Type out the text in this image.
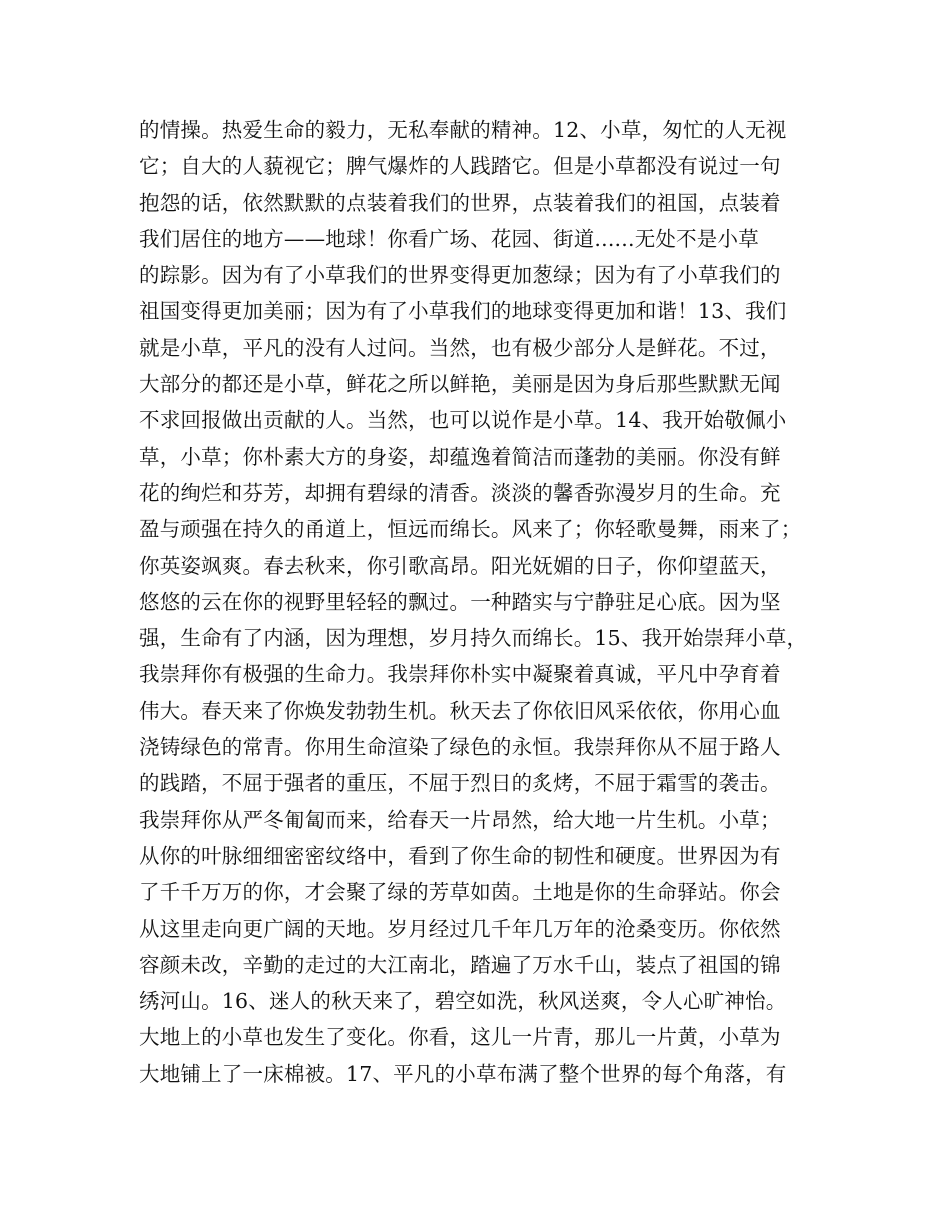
的情操。热爱生命的毅力，无私奉献的精神。12、小草，匆忙的人无视
它；自大的人藐视它；脾气爆炸的人践踏它。但是小草都没有说过一句
抱怨的话，依然默默的点装着我们的世界，点装着我们的祖国，点装着
我们居住的地方——地球！你看广场、花园、街道......无处不是小草
的踪影。因为有了小草我们的世界变得更加葱绿；因为有了小草我们的
祖国变得更加美丽；因为有了小草我们的地球变得更加和谐！13、我们
就是小草，平凡的没有人过问。当然，也有极少部分人是鲜花。不过，
大部分的都还是小草，鲜花之所以鲜艳，美丽是因为身后那些默默无闻
不求回报做出贡献的人。当然，也可以说作是小草。14、我开始敬佩小
草，小草；你朴素大方的身姿，却蕴逸着简洁而蓬勃的美丽。你没有鲜
花的绚烂和芬芳，却拥有碧绿的清香。淡淡的馨香弥漫岁月的生命。充
盈与顽强在持久的甬道上，恒远而绵长。风来了；你轻歌曼舞，雨来了；
你英姿飒爽。春去秋来，你引歌高昂。阳光妩媚的日子，你仰望蓝天，
悠悠的云在你的视野里轻轻的飘过。一种踏实与宁静驻足心底。因为坚
强，生命有了内涵，因为理想，岁月持久而绵长。15、我开始崇拜小草，
我崇拜你有极强的生命力。我崇拜你朴实中凝聚着真诚，平凡中孕育着
伟大。春天来了你焕发勃勃生机。秋天去了你依旧风采依依，你用心血
浇铸绿色的常青。你用生命渲染了绿色的永恒。我崇拜你从不屈于路人
的践踏，不屈于强者的重压，不屈于烈日的炙烤，不屈于霜雪的袭击。
我崇拜你从严冬匍匐而来，给春天一片昂然，给大地一片生机。小草；
从你的叶脉细细密密纹络中，看到了你生命的韧性和硬度。世界因为有
了千千万万的你，才会聚了绿的芳草如茵。土地是你的生命驿站。你会
从这里走向更广阔的天地。岁月经过几千年几万年的沧桑变历。你依然
容颜未改，辛勤的走过的大江南北，踏遍了万水千山，装点了祖国的锦
绣河山。16、迷人的秋天来了，碧空如洗，秋风送爽，令人心旷神怡。
大地上的小草也发生了变化。你看，这儿一片青，那儿一片黄，小草为
大地铺上了一床棉被。17、平凡的小草布满了整个世界的每个角落，有
